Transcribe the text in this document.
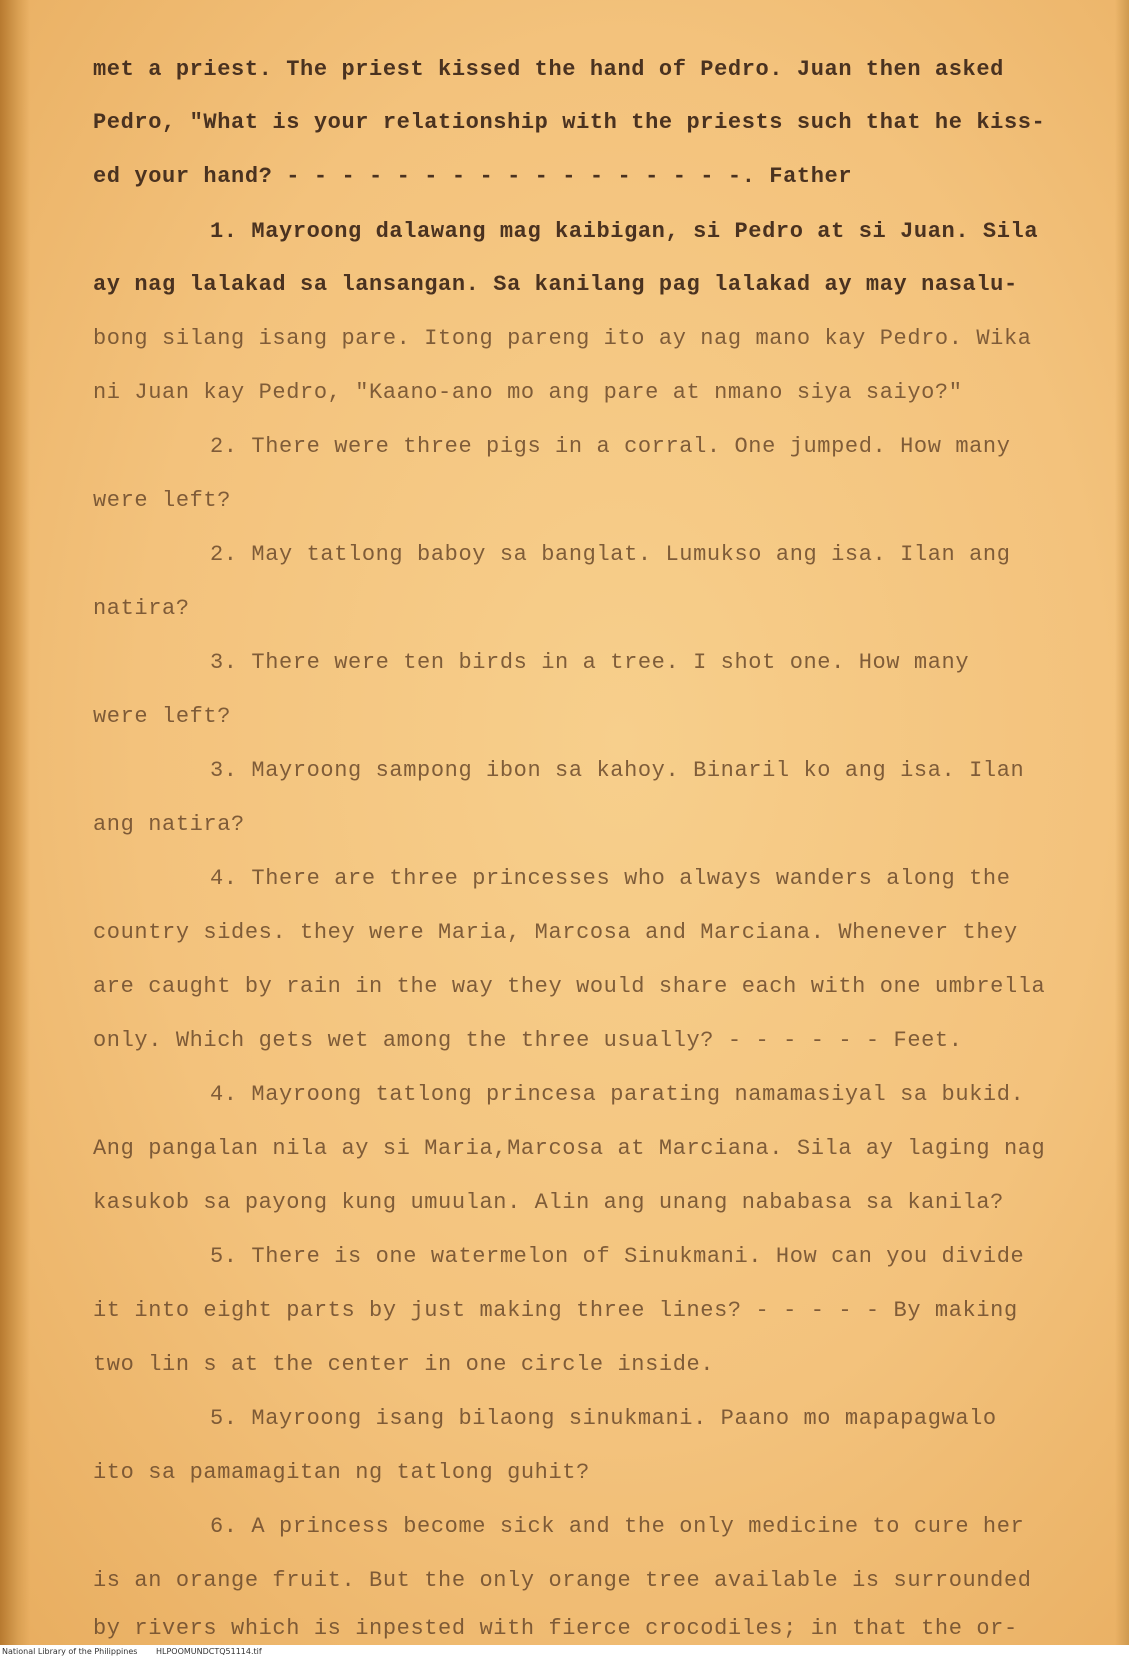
met a priest. The priest kissed the hand of Pedro. Juan then asked
Pedro, "What is your relationship with the priests such that he kiss-
ed your hand? - - - - - - - - - - - - - - - - -. Father
1. Mayroong dalawang mag kaibigan, si Pedro at si Juan. Sila
ay nag lalakad sa lansangan. Sa kanilang pag lalakad ay may nasalu-
bong silang isang pare. Itong pareng ito ay nag mano kay Pedro. Wika
ni Juan kay Pedro, "Kaano-ano mo ang pare at nmano siya saiyo?"
2. There were three pigs in a corral. One jumped. How many
were left?
2. May tatlong baboy sa banglat. Lumukso ang isa. Ilan ang
natira?
3. There were ten birds in a tree. I shot one. How many
were left?
3. Mayroong sampong ibon sa kahoy. Binaril ko ang isa. Ilan
ang natira?
4. There are three princesses who always wanders along the
country sides. they were Maria, Marcosa and Marciana. Whenever they
are caught by rain in the way they would share each with one umbrella
only. Which gets wet among the three usually? - - - - - - Feet.
4. Mayroong tatlong princesa parating namamasiyal sa bukid.
Ang pangalan nila ay si Maria,Marcosa at Marciana. Sila ay laging nag
kasukob sa payong kung umuulan. Alin ang unang nababasa sa kanila?
5. There is one watermelon of Sinukmani. How can you divide
it into eight parts by just making three lines? - - - - - By making
two lin s at the center in one circle inside.
5. Mayroong isang bilaong sinukmani. Paano mo mapapagwalo
ito sa pamamagitan ng tatlong guhit?
6. A princess become sick and the only medicine to cure her
is an orange fruit. But the only orange tree available is surrounded
by rivers which is inpested with fierce crocodiles; in that the or-
National Library of the Philippines HLPOOMUNDCTQ51114.tif
